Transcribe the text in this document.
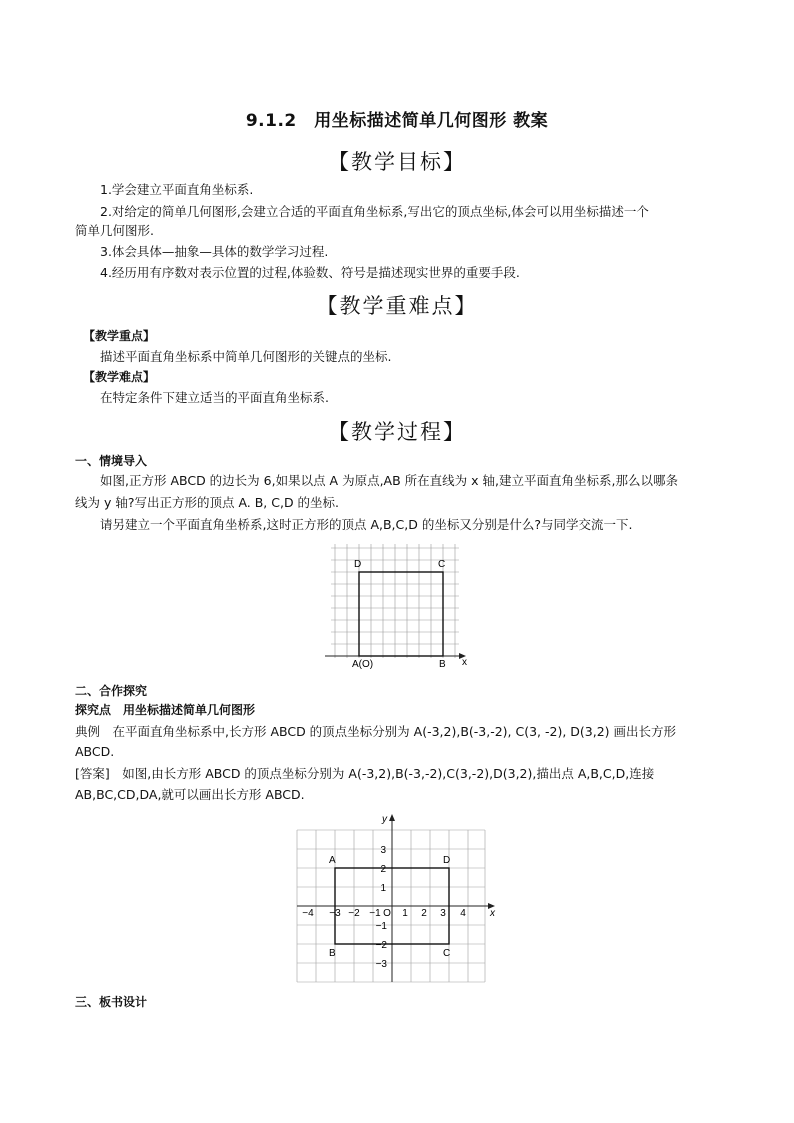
9.1.2　用坐标描述简单几何图形 教案
【教学目标】
1.学会建立平面直角坐标系.
2.对给定的简单几何图形,会建立合适的平面直角坐标系,写出它的顶点坐标,体会可以用坐标描述一个
简单几何图形.
3.体会具体—抽象—具体的数学学习过程.
4.经历用有序数对表示位置的过程,体验数、符号是描述现实世界的重要手段.
【教学重难点】
【教学重点】
描述平面直角坐标系中简单几何图形的关键点的坐标.
【教学难点】
在特定条件下建立适当的平面直角坐标系.
【教学过程】
一、情境导入
如图,正方形 ABCD 的边长为 6,如果以点 A 为原点,AB 所在直线为 x 轴,建立平面直角坐标系,那么以哪条
线为 y 轴?写出正方形的顶点 A. B, C,D 的坐标.
请另建立一个平面直角坐桥系,这时正方形的顶点 A,B,C,D 的坐标又分别是什么?与同学交流一下.
D	C
A(O)	B x
二、合作探究
探究点　用坐标描述简单几何图形
典例　在平面直角坐标系中,长方形 ABCD 的顶点坐标分别为 A(-3,2),B(-3,-2), C(3, -2), D(3,2) 画出长方形
ABCD.
[答案]　如图,由长方形 ABCD 的顶点坐标分别为 A(-3,2),B(-3,-2),C(3,-2),D(3,2),描出点 A,B,C,D,连接
AB,BC,CD,DA,就可以画出长方形 ABCD.
y
x
A	D
B	C
−4 −3 −2 −1 O 1 2 3 4
3
2
1
−1
−2
−3
三、板书设计
